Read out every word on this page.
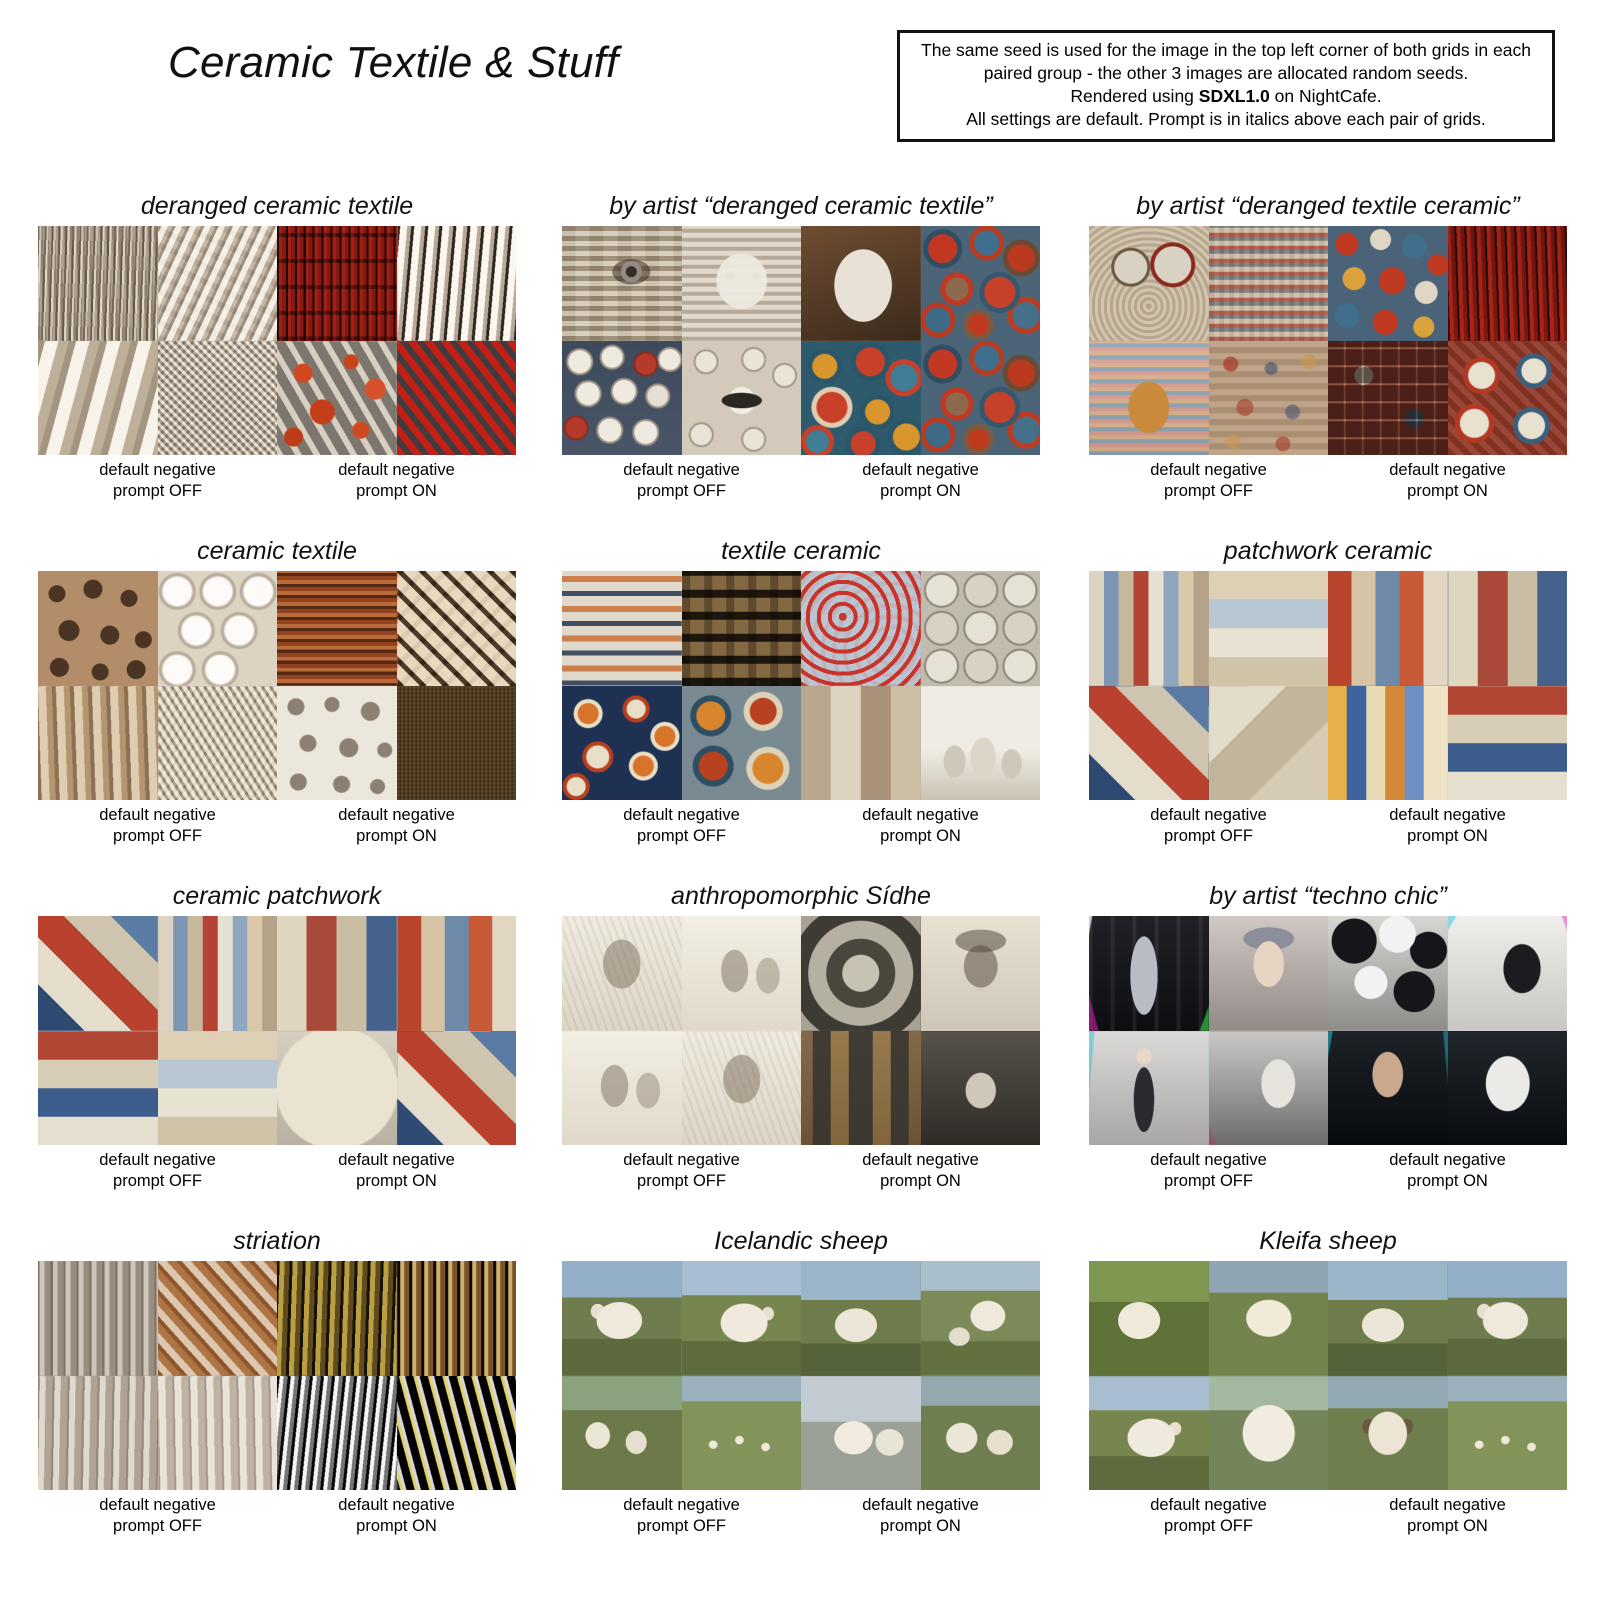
Ceramic Textile & Stuff	The same seed is used for the image in the top left corner of both grids in each

paired group - the other 3 images are allocated random seeds.

Rendered using SDXL1.0 on NightCafe.

All settings are default. Prompt is in italics above each pair of grids.

deranged ceramic textile
default negative
prompt OFF
default negative
prompt ON
by artist “deranged ceramic textile”
default negative
prompt OFF
default negative
prompt ON
by artist “deranged textile ceramic”
default negative
prompt OFF
default negative
prompt ON
ceramic textile
default negative
prompt OFF
default negative
prompt ON
textile ceramic
default negative
prompt OFF
default negative
prompt ON
patchwork ceramic
default negative
prompt OFF
default negative
prompt ON
ceramic patchwork
default negative
prompt OFF
default negative
prompt ON
anthropomorphic Sídhe
default negative
prompt OFF
default negative
prompt ON
by artist “techno chic”
default negative
prompt OFF
default negative
prompt ON
striation
default negative
prompt OFF
default negative
prompt ON
Icelandic sheep
default negative
prompt OFF
default negative
prompt ON
Kleifa sheep
default negative
prompt OFF
default negative
prompt ON
